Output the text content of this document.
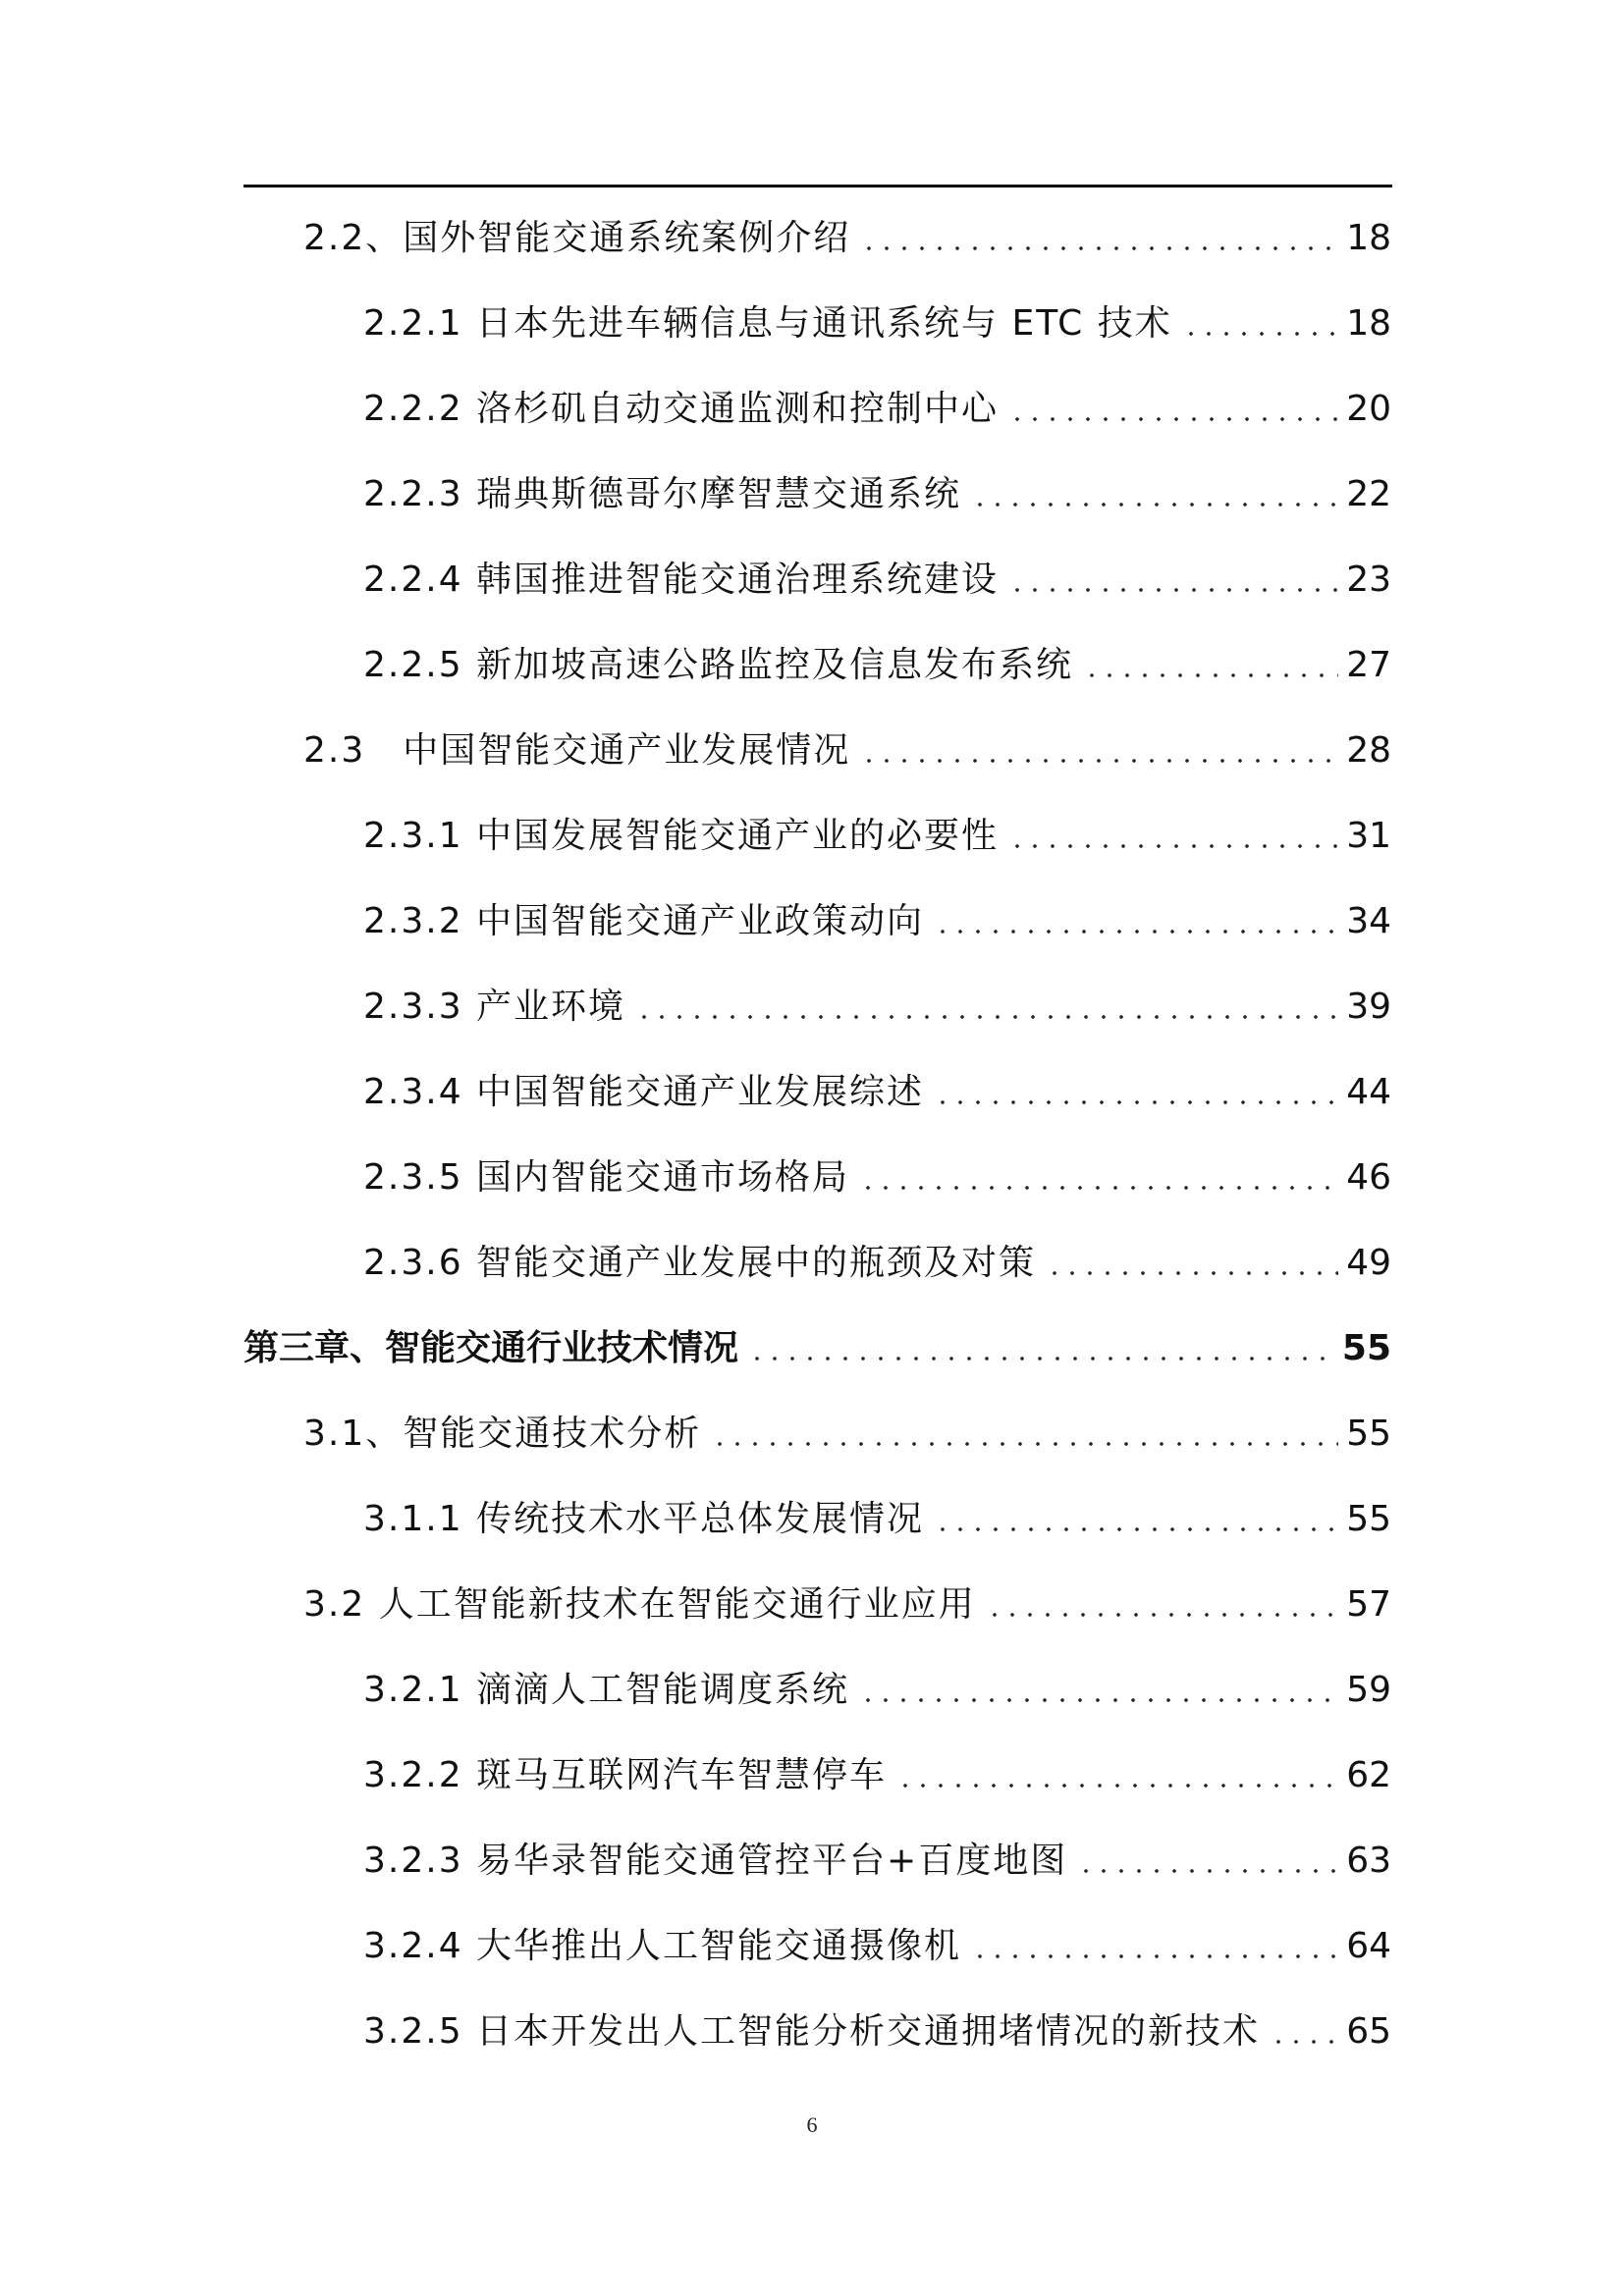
2.2、国外智能交通系统案例介绍	18
2.2.1 日本先进车辆信息与通讯系统与 ETC 技术	18
2.2.2 洛杉矶自动交通监测和控制中心	20
2.2.3 瑞典斯德哥尔摩智慧交通系统	22
2.2.4 韩国推进智能交通治理系统建设	23
2.2.5 新加坡高速公路监控及信息发布系统	27
2.3　中国智能交通产业发展情况	28
2.3.1 中国发展智能交通产业的必要性	31
2.3.2 中国智能交通产业政策动向	34
2.3.3 产业环境	39
2.3.4 中国智能交通产业发展综述	44
2.3.5 国内智能交通市场格局	46
2.3.6 智能交通产业发展中的瓶颈及对策	49
第三章、智能交通行业技术情况	55
3.1、智能交通技术分析	55
3.1.1 传统技术水平总体发展情况	55
3.2 人工智能新技术在智能交通行业应用	57
3.2.1 滴滴人工智能调度系统	59
3.2.2 斑马互联网汽车智慧停车	62
3.2.3 易华录智能交通管控平台+百度地图	63
3.2.4 大华推出人工智能交通摄像机	64
3.2.5 日本开发出人工智能分析交通拥堵情况的新技术 65
6
